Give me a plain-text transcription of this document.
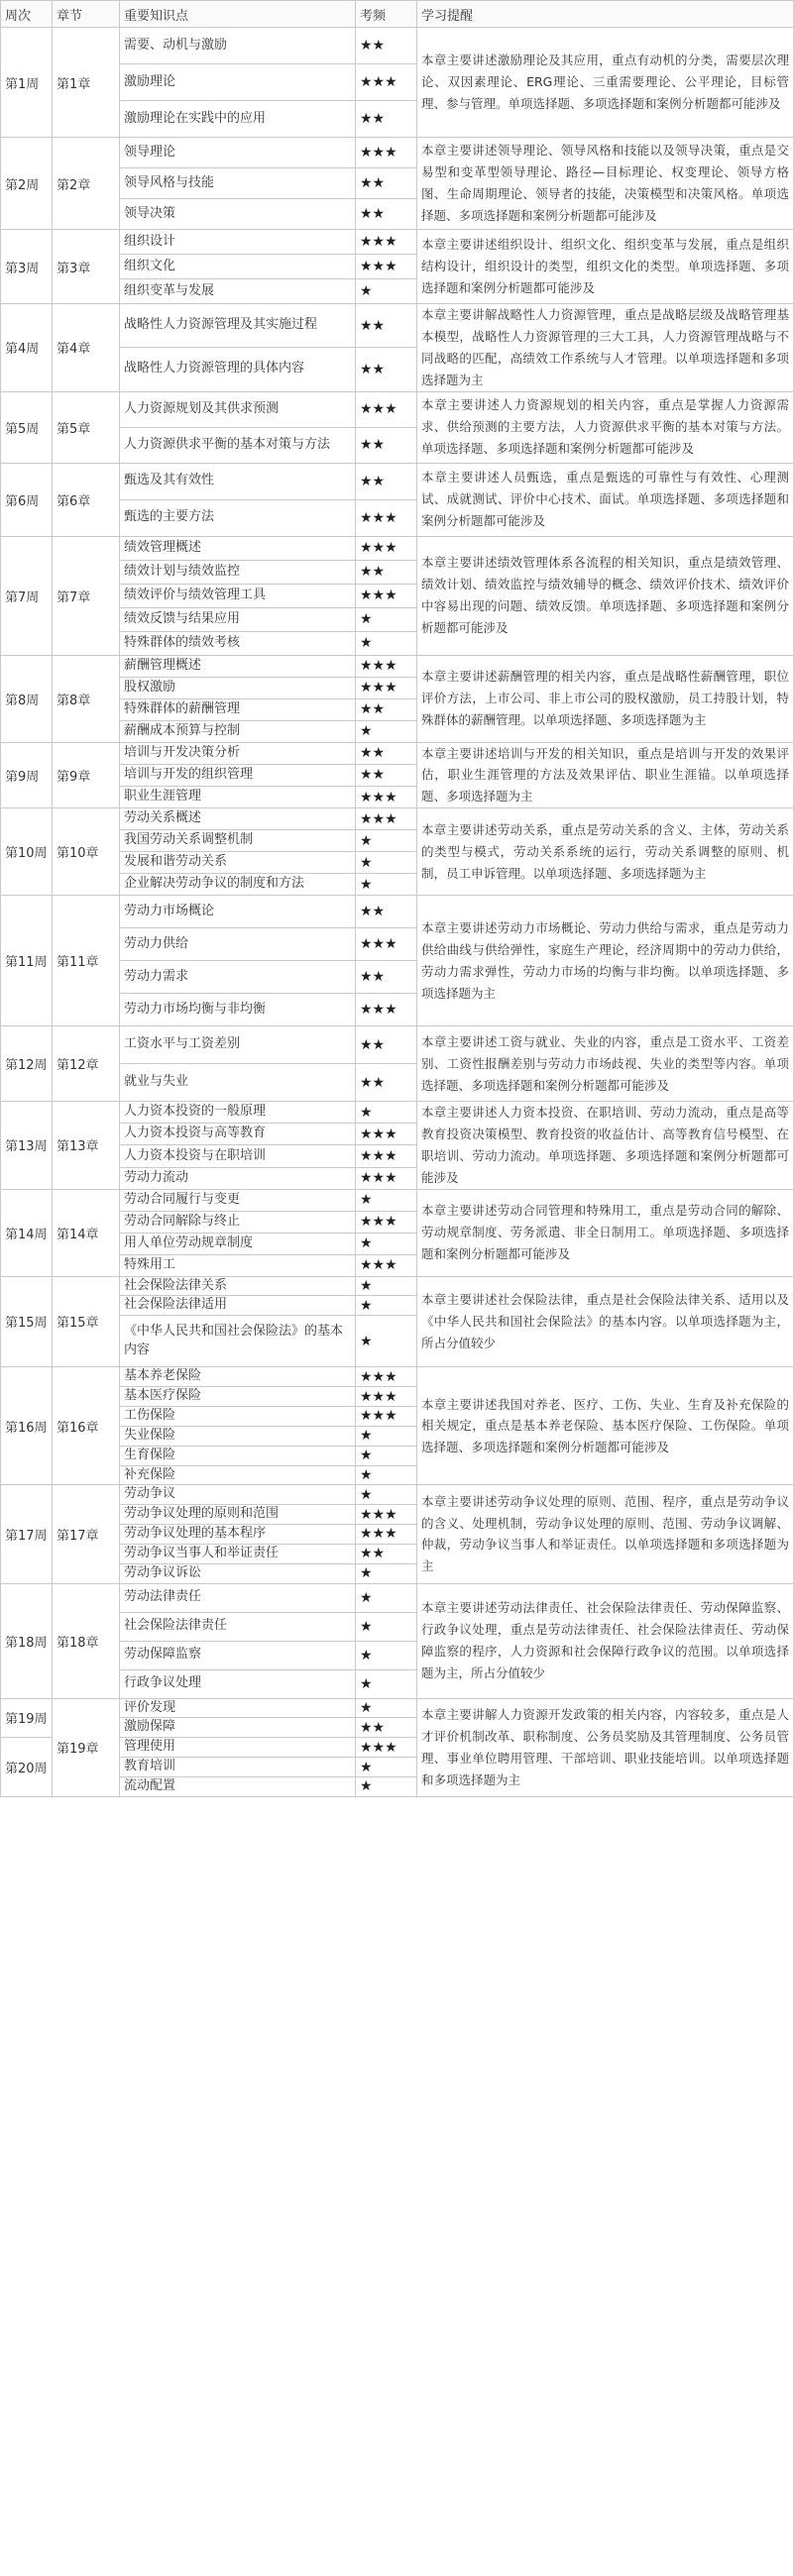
周次	章节	重要知识点	考频	学习提醒
第1周	第1章	需要、动机与激励	★★	本章主要讲述激励理论及其应用，重点有动机的分类，需要层次理论、双因素理论、ERG理论、三重需要理论、公平理论，目标管理、参与管理。单项选择题、多项选择题和案例分析题都可能涉及
		激励理论	★★★	
		激励理论在实践中的应用	★★	
第2周	第2章	领导理论	★★★	本章主要讲述领导理论、领导风格和技能以及领导决策，重点是交易型和变革型领导理论、路径—目标理论、权变理论、领导方格图、生命周期理论、领导者的技能，决策模型和决策风格。单项选择题、多项选择题和案例分析题都可能涉及
		领导风格与技能	★★	
		领导决策	★★	
第3周	第3章	组织设计	★★★	本章主要讲述组织设计、组织文化、组织变革与发展，重点是组织结构设计，组织设计的类型，组织文化的类型。单项选择题、多项选择题和案例分析题都可能涉及
		组织文化	★★★	
		组织变革与发展	★	
第4周	第4章	战略性人力资源管理及其实施过程	★★	本章主要讲解战略性人力资源管理，重点是战略层级及战略管理基本模型，战略性人力资源管理的三大工具，人力资源管理战略与不同战略的匹配，高绩效工作系统与人才管理。以单项选择题和多项选择题为主
		战略性人力资源管理的具体内容	★★	
第5周	第5章	人力资源规划及其供求预测	★★★	本章主要讲述人力资源规划的相关内容，重点是掌握人力资源需求、供给预测的主要方法，人力资源供求平衡的基本对策与方法。单项选择题、多项选择题和案例分析题都可能涉及
		人力资源供求平衡的基本对策与方法	★★	
第6周	第6章	甄选及其有效性	★★	本章主要讲述人员甄选，重点是甄选的可靠性与有效性、心理测试、成就测试、评价中心技术、面试。单项选择题、多项选择题和案例分析题都可能涉及
		甄选的主要方法	★★★	
第7周	第7章	绩效管理概述	★★★	本章主要讲述绩效管理体系各流程的相关知识，重点是绩效管理、绩效计划、绩效监控与绩效辅导的概念、绩效评价技术、绩效评价中容易出现的问题、绩效反馈。单项选择题、多项选择题和案例分析题都可能涉及
		绩效计划与绩效监控	★★	
		绩效评价与绩效管理工具	★★★	
		绩效反馈与结果应用	★	
		特殊群体的绩效考核	★	
第8周	第8章	薪酬管理概述	★★★	本章主要讲述薪酬管理的相关内容，重点是战略性薪酬管理，职位评价方法，上市公司、非上市公司的股权激励，员工持股计划，特殊群体的薪酬管理。以单项选择题、多项选择题为主
		股权激励	★★★	
		特殊群体的薪酬管理	★★	
		薪酬成本预算与控制	★	
第9周	第9章	培训与开发决策分析	★★	本章主要讲述培训与开发的相关知识，重点是培训与开发的效果评估，职业生涯管理的方法及效果评估、职业生涯锚。以单项选择题、多项选择题为主
		培训与开发的组织管理	★★	
		职业生涯管理	★★★	
第10周	第10章	劳动关系概述	★★★	本章主要讲述劳动关系，重点是劳动关系的含义、主体，劳动关系的类型与模式，劳动关系系统的运行，劳动关系调整的原则、机制，员工申诉管理。以单项选择题、多项选择题为主
		我国劳动关系调整机制	★	
		发展和谐劳动关系	★	
		企业解决劳动争议的制度和方法	★	
第11周	第11章	劳动力市场概论	★★	本章主要讲述劳动力市场概论、劳动力供给与需求，重点是劳动力供给曲线与供给弹性，家庭生产理论，经济周期中的劳动力供给，劳动力需求弹性，劳动力市场的均衡与非均衡。以单项选择题、多项选择题为主
		劳动力供给	★★★	
		劳动力需求	★★	
		劳动力市场均衡与非均衡	★★★	
第12周	第12章	工资水平与工资差别	★★	本章主要讲述工资与就业、失业的内容，重点是工资水平、工资差别、工资性报酬差别与劳动力市场歧视、失业的类型等内容。单项选择题、多项选择题和案例分析题都可能涉及
		就业与失业	★★	
第13周	第13章	人力资本投资的一般原理	★	本章主要讲述人力资本投资、在职培训、劳动力流动，重点是高等教育投资决策模型、教育投资的收益估计、高等教育信号模型、在职培训、劳动力流动。单项选择题、多项选择题和案例分析题都可能涉及
		人力资本投资与高等教育	★★★	
		人力资本投资与在职培训	★★★	
		劳动力流动	★★★	
第14周	第14章	劳动合同履行与变更	★	本章主要讲述劳动合同管理和特殊用工，重点是劳动合同的解除、劳动规章制度、劳务派遣、非全日制用工。单项选择题、多项选择题和案例分析题都可能涉及
		劳动合同解除与终止	★★★	
		用人单位劳动规章制度	★	
		特殊用工	★★★	
第15周	第15章	社会保险法律关系	★	本章主要讲述社会保险法律，重点是社会保险法律关系、适用以及《中华人民共和国社会保险法》的基本内容。以单项选择题为主，所占分值较少
		社会保险法律适用	★	
		《中华人民共和国社会保险法》的基本内容	★	
第16周	第16章	基本养老保险	★★★	本章主要讲述我国对养老、医疗、工伤、失业、生育及补充保险的相关规定，重点是基本养老保险、基本医疗保险、工伤保险。单项选择题、多项选择题和案例分析题都可能涉及
		基本医疗保险	★★★	
		工伤保险	★★★	
		失业保险	★	
		生育保险	★	
		补充保险	★	
第17周	第17章	劳动争议	★	本章主要讲述劳动争议处理的原则、范围、程序，重点是劳动争议的含义、处理机制，劳动争议处理的原则、范围、劳动争议调解、仲裁，劳动争议当事人和举证责任。以单项选择题和多项选择题为主
		劳动争议处理的原则和范围	★★★	
		劳动争议处理的基本程序	★★★	
		劳动争议当事人和举证责任	★★	
		劳动争议诉讼	★	
第18周	第18章	劳动法律责任	★	本章主要讲述劳动法律责任、社会保险法律责任、劳动保障监察、行政争议处理，重点是劳动法律责任、社会保险法律责任、劳动保障监察的程序，人力资源和社会保障行政争议的范围。以单项选择题为主，所占分值较少
		社会保险法律责任	★	
		劳动保障监察	★	
		行政争议处理	★	
第19周	第19章	评价发现	★	本章主要讲解人力资源开发政策的相关内容，内容较多，重点是人才评价机制改革、职称制度、公务员奖励及其管理制度、公务员管理、事业单位聘用管理、干部培训、职业技能培训。以单项选择题和多项选择题为主
		激励保障	★★	
第20周		管理使用	★★★	
		教育培训	★	
		流动配置	★	
